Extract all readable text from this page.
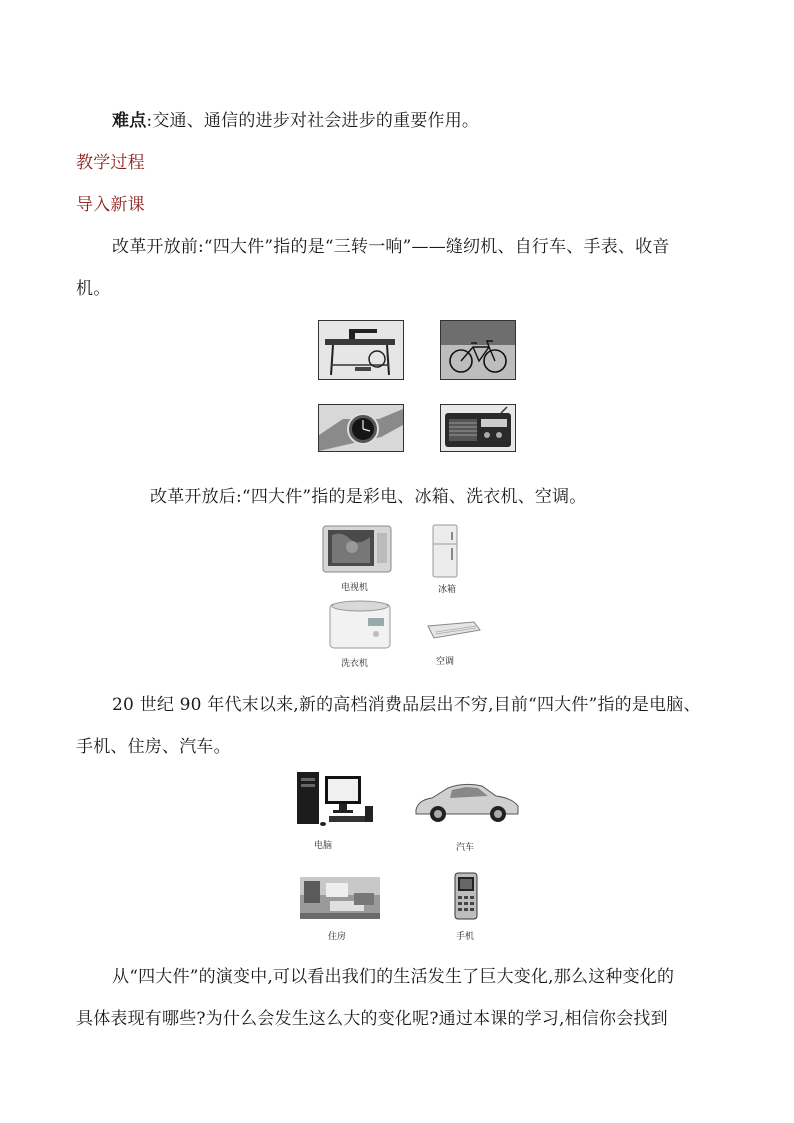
难点:交通、通信的进步对社会进步的重要作用。
教学过程
导入新课
改革开放前:“四大件”指的是“三转一响”——缝纫机、自行车、手表、收音
机。
改革开放后:“四大件”指的是彩电、冰箱、洗衣机、空调。
电视机	冰箱
洗衣机	空调
20 世纪 90 年代末以来,新的高档消费品层出不穷,目前“四大件”指的是电脑、
手机、住房、汽车。
电脑	汽车
住房	手机
从“四大件”的演变中,可以看出我们的生活发生了巨大变化,那么这种变化的
具体表现有哪些?为什么会发生这么大的变化呢?通过本课的学习,相信你会找到
